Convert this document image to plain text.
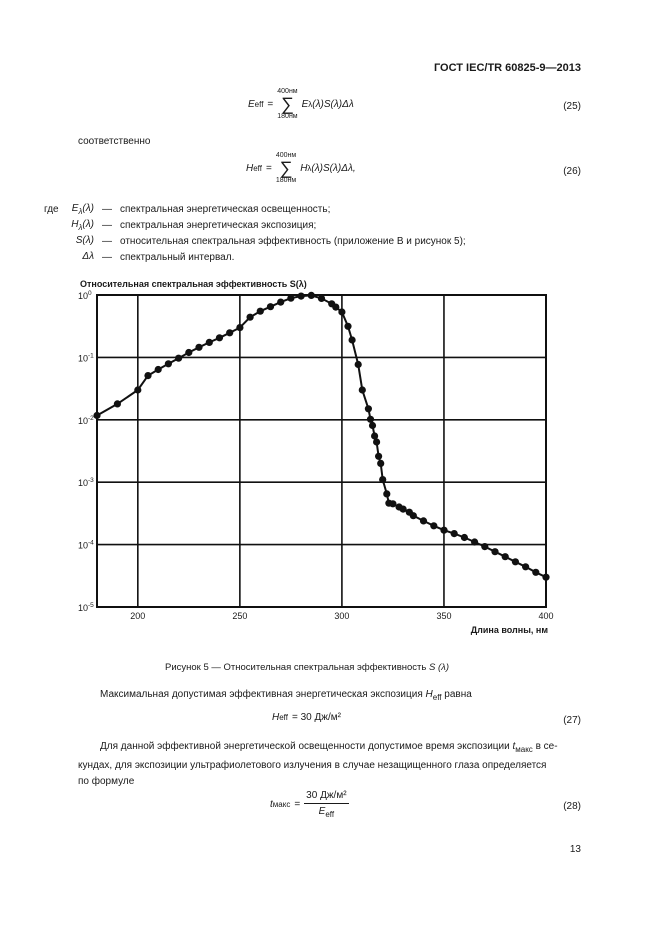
ГОСТ IEC/TR 60825-9—2013
E eff =
400нм
∑
180нм
E λ (λ)S(λ)Δλ	(25)
соответственно
H eff =
400нм
∑
180нм
H λ (λ)S(λ)Δλ,	(26)
где	$E_\lambda(\lambda)$ — спектральная энергетическая освещенность;
$H_\lambda(\lambda)$ — спектральная энергетическая экспозиция;
S(λ) — относительная спектральная эффективность (приложение В и рисунок 5);
Δλ — спектральный интервал.
Относительная спектральная эффективность S(λ)
200	250	300	350	400
$10^0$
$10^{-1}$
$10^{-2}$
$10^{-3}$
$10^{-4}$
$10^{-5}$
Длина волны, нм
Рисунок 5 — Относительная спектральная эффективность S (λ)
Максимальная допустимая эффективная энергетическая экспозиция $H_{eff}$ равна
H eff = 30 Дж/м²	(27)
Для данной эффективной энергетической освещенности допустимое время экспозиции $t_{макс}$ в се-
кундах, для экспозиции ультрафиолетового излучения в случае незащищенного глаза определяется
по формуле
t макс = $\frac{\text{30 Дж/м²}}{E_{eff}}$	(28)
13
